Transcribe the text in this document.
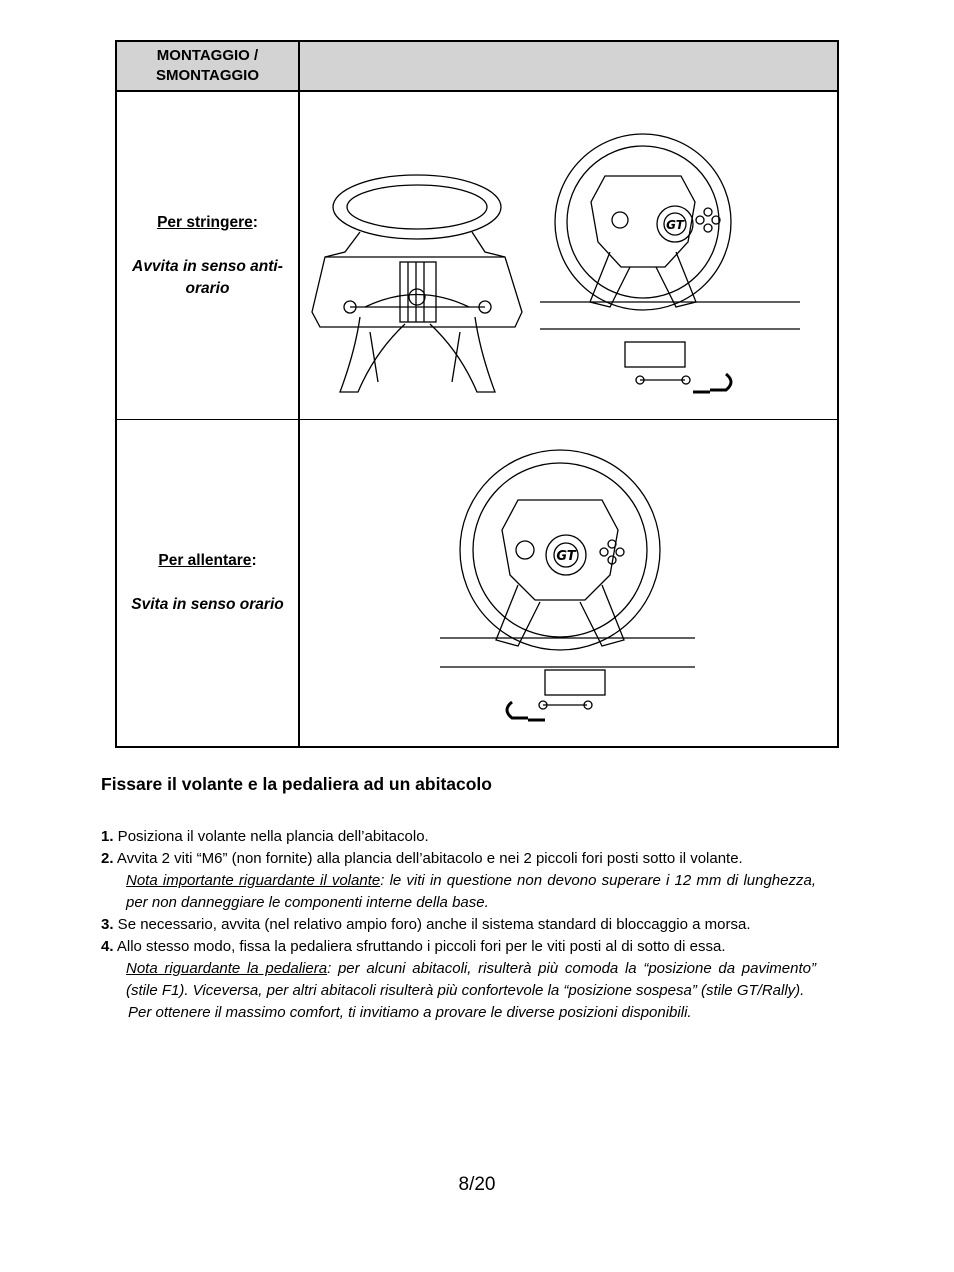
MONTAGGIO / SMONTAGGIO
Per stringere:
Avvita in senso anti-orario
GT
Per allentare:
Svita in senso orario
GT
Fissare il volante e la pedaliera ad un abitacolo

1. Posiziona il volante nella plancia dell’abitacolo.

2. Avvita 2 viti “M6” (non fornite) alla plancia dell’abitacolo e nei 2 piccoli fori posti sotto il volante.

Nota importante riguardante il volante: le viti in questione non devono superare i 12 mm di lunghezza, per non danneggiare le componenti interne della base.

3. Se necessario, avvita (nel relativo ampio foro) anche il sistema standard di bloccaggio a morsa.

4. Allo stesso modo, fissa la pedaliera sfruttando i piccoli fori per le viti posti al di sotto di essa.

Nota riguardante la pedaliera: per alcuni abitacoli, risulterà più comoda la “posizione da pavimento” (stile F1). Viceversa, per altri abitacoli risulterà più confortevole la “posizione sospesa” (stile GT/Rally).

Per ottenere il massimo comfort, ti invitiamo a provare le diverse posizioni disponibili.

8/20
